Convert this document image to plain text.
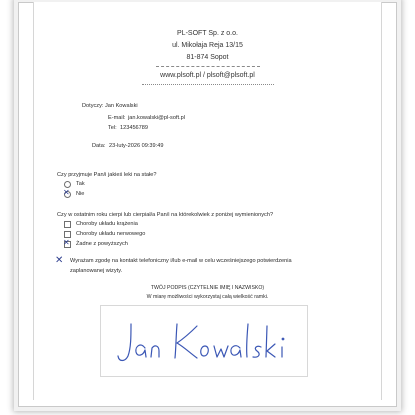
PL-SOFT Sp. z o.o.
ul. Mikołaja Reja 13/15
81-874 Sopot
www.plsoft.pl / plsoft@plsoft.pl
Dotyczy: Jan Kowalski
E-mail: jan.kowalski@pl-soft.pl
Tel: 123456789
Data: 23-luty-2026 09:39:49
Czy przyjmuje Pan/i jakieś leki na stałe?
Tak
✕ Nie
Czy w ostatnim roku cierpi lub cierpiał/a Pan/i na którekolwiek z poniżej wymienionych?
Choroby układu krążenia
Choroby układu nerwowego
✕ Żadne z powyższych
✕ Wyrażam zgodę na kontakt telefoniczny i/lub e-mail w celu wcześniejszego potwierdzenia
zaplanowanej wizyty.
TWÓJ PODPIS (CZYTELNIE IMIĘ I NAZWISKO)
W miarę możliwości wykorzystaj całą wielkość ramki.
